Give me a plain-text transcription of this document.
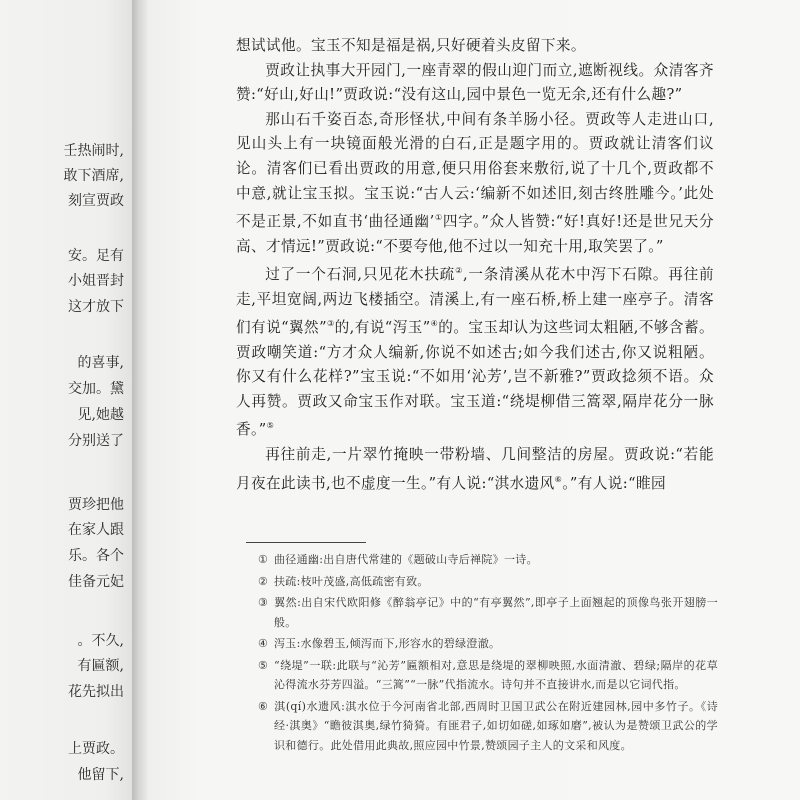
壬热闹时,
敢下酒席,
刻宣贾政
安。足有
小姐晋封
这才放下
的喜事,
交加。黛
见,她越
分别送了
贾珍把他
在家人跟
乐。各个
佳备元妃
。不久,
有匾额,
花先拟出
上贾政。
他留下,

想试试他。宝玉不知是福是祸,只好硬着头皮留下来。

贾政让执事大开园门,一座青翠的假山迎门而立,遮断视线。众清客齐赞:“好山,好山!”贾政说:“没有这山,园中景色一览无余,还有什么趣?”

那山石千姿百态,奇形怪状,中间有条羊肠小径。贾政等人走进山口,见山头上有一块镜面般光滑的白石,正是题字用的。贾政就让清客们议论。清客们已看出贾政的用意,便只用俗套来敷衍,说了十几个,贾政都不中意,就让宝玉拟。宝玉说:“古人云:‘编新不如述旧,刻古终胜雕今。’此处不是正景,不如直书‘曲径通幽’①四字。”众人皆赞:“好!真好!还是世兄天分高、才情远!”贾政说:“不要夸他,他不过以一知充十用,取笑罢了。”

过了一个石洞,只见花木扶疏②,一条清溪从花木中泻下石隙。再往前走,平坦宽阔,两边飞楼插空。清溪上,有一座石桥,桥上建一座亭子。清客们有说“翼然”③的,有说“泻玉”④的。宝玉却认为这些词太粗陋,不够含蓄。贾政嘲笑道:“方才众人编新,你说不如述古;如今我们述古,你又说粗陋。你又有什么花样?”宝玉说:“不如用‘沁芳’,岂不新雅?”贾政捻须不语。众人再赞。贾政又命宝玉作对联。宝玉道:“绕堤柳借三篙翠,隔岸花分一脉香。”⑤

再往前走,一片翠竹掩映一带粉墙、几间整洁的房屋。贾政说:“若能月夜在此读书,也不虚度一生。”有人说:“淇水遗风⑥。”有人说:“睢园

① 曲径通幽:出自唐代常建的《题破山寺后禅院》一诗。

② 扶疏:枝叶茂盛,高低疏密有致。

③ 翼然:出自宋代欧阳修《醉翁亭记》中的“有亭翼然”,即亭子上面翘起的顶像鸟张开翅膀一般。

④ 泻玉:水像碧玉,倾泻而下,形容水的碧绿澄澈。

⑤ “绕堤”一联:此联与“沁芳”匾额相对,意思是绕堤的翠柳映照,水面清澈、碧绿;隔岸的花草沁得流水芬芳四溢。“三篙”“一脉”代指流水。诗句并不直接讲水,而是以它词代指。

⑥ 淇(qí)水遗风:淇水位于今河南省北部,西周时卫国卫武公在附近建园林,园中多竹子。《诗经·淇奥》“瞻彼淇奥,绿竹猗猗。有匪君子,如切如磋,如琢如磨”,被认为是赞颂卫武公的学识和德行。此处借用此典故,照应园中竹景,赞颂园子主人的文采和风度。
